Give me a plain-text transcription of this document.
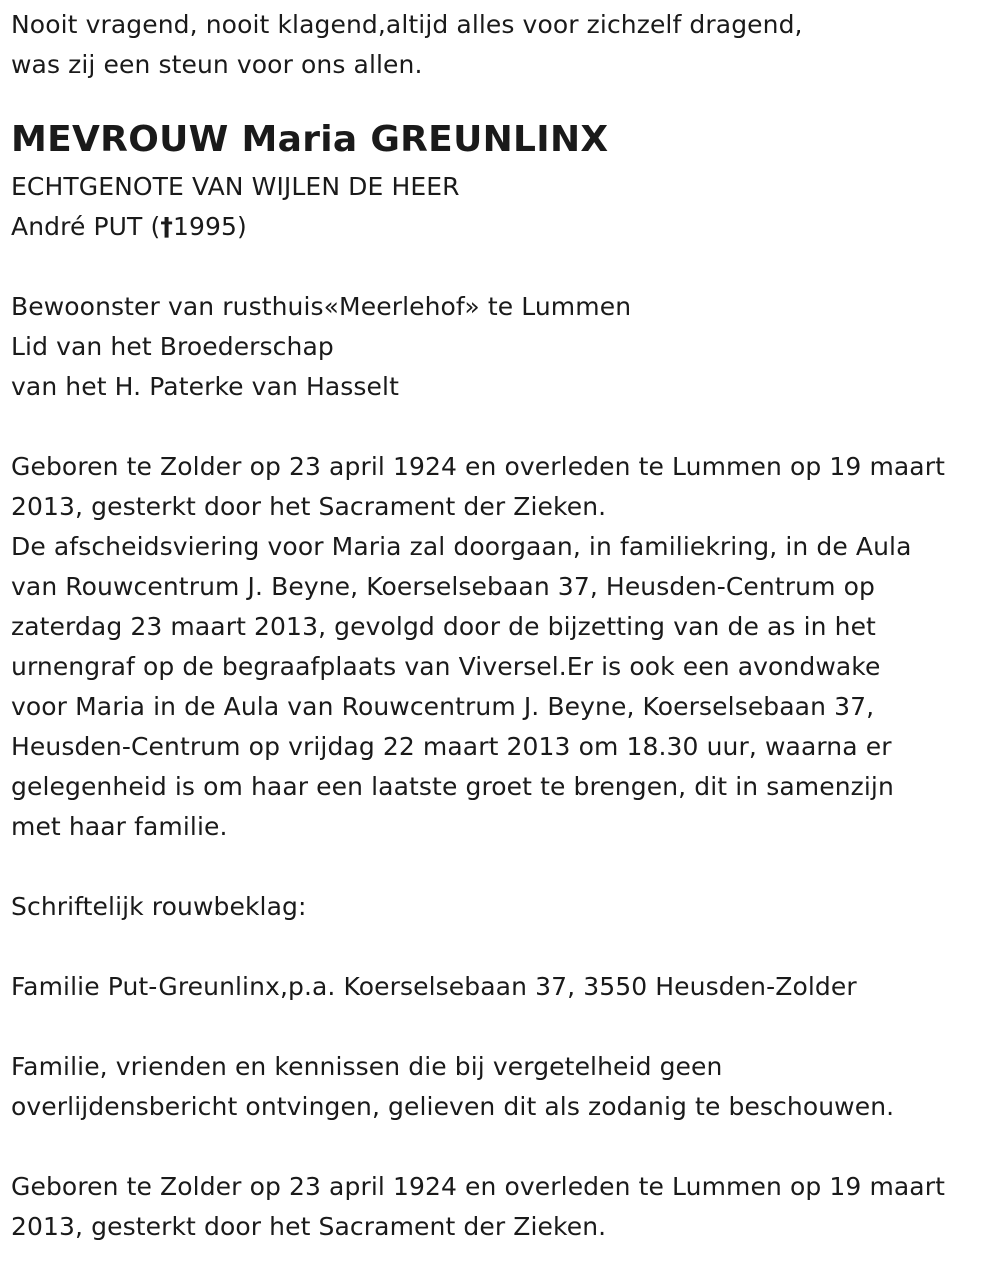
Nooit vragend, nooit klagend,altijd alles voor zichzelf dragend,
was zij een steun voor ons allen.
MEVROUW Maria GREUNLINX
ECHTGENOTE VAN WIJLEN DE HEER
André PUT (†1995)
Bewoonster van rusthuis«Meerlehof» te Lummen
Lid van het Broederschap
van het H. Paterke van Hasselt
Geboren te Zolder op 23 april 1924 en overleden te Lummen op 19 maart
2013, gesterkt door het Sacrament der Zieken.
De afscheidsviering voor Maria zal doorgaan, in familiekring, in de Aula
van Rouwcentrum J. Beyne, Koerselsebaan 37, Heusden-Centrum op
zaterdag 23 maart 2013, gevolgd door de bijzetting van de as in het
urnengraf op de begraafplaats van Viversel.Er is ook een avondwake
voor Maria in de Aula van Rouwcentrum J. Beyne, Koerselsebaan 37,
Heusden-Centrum op vrijdag 22 maart 2013 om 18.30 uur, waarna er
gelegenheid is om haar een laatste groet te brengen, dit in samenzijn
met haar familie.
Schriftelijk rouwbeklag:
Familie Put-Greunlinx,p.a. Koerselsebaan 37, 3550 Heusden-Zolder
Familie, vrienden en kennissen die bij vergetelheid geen
overlijdensbericht ontvingen, gelieven dit als zodanig te beschouwen.
Geboren te Zolder op 23 april 1924 en overleden te Lummen op 19 maart
2013, gesterkt door het Sacrament der Zieken.
